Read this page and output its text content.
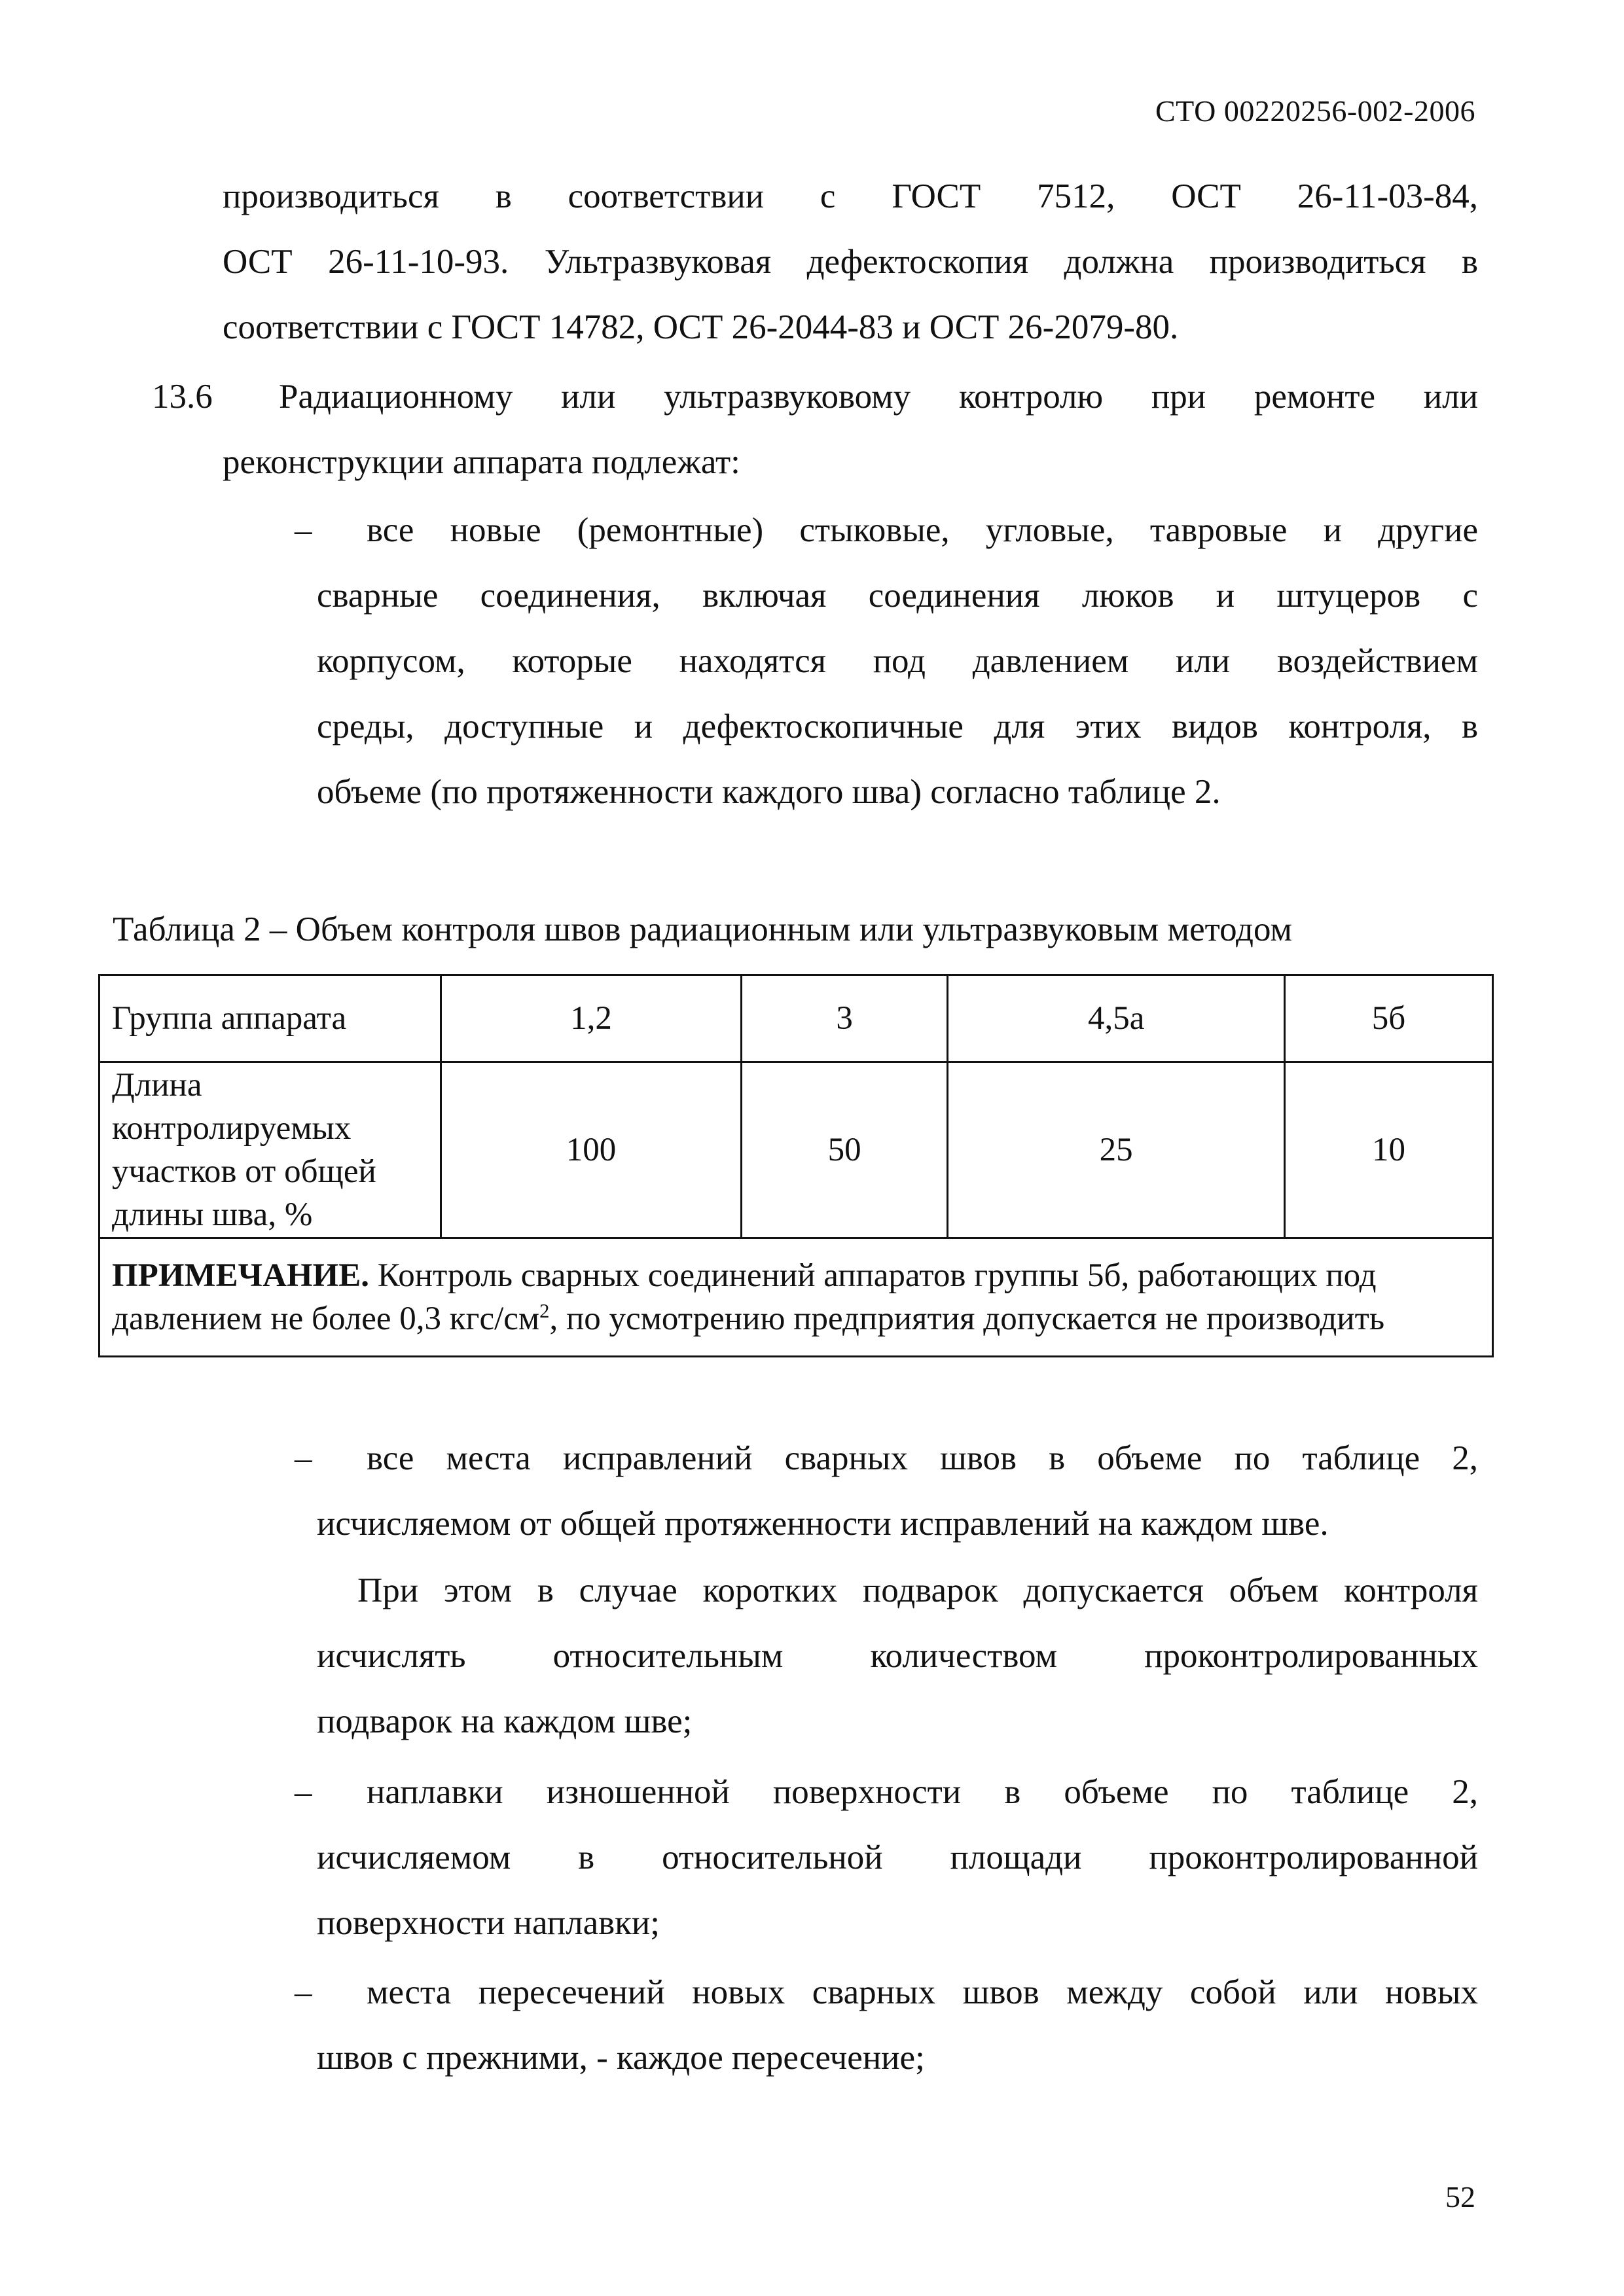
СТО 00220256-002-2006
производиться в соответствии с ГОСТ 7512, ОСТ 26-11-03-84,
ОСТ 26-11-10-93. Ультразвуковая дефектоскопия должна производиться в
соответствии с ГОСТ 14782, ОСТ 26-2044-83 и ОСТ 26-2079-80.
13.6	Радиационному или ультразвуковому контролю при ремонте или
реконструкции аппарата подлежат:
–	все новые (ремонтные) стыковые, угловые, тавровые и другие
сварные соединения, включая соединения люков и штуцеров с
корпусом, которые находятся под давлением или воздействием
среды, доступные и дефектоскопичные для этих видов контроля, в
объеме (по протяженности каждого шва) согласно таблице 2.
Таблица 2 – Объем контроля швов радиационным или ультразвуковым методом
Группа аппарата	1,2	3	4,5а	5б

Длина
контролируемых
участков от общей
длины шва, %	100	50	25	10

ПРИМЕЧАНИЕ. Контроль сварных соединений аппаратов группы 5б, работающих под
давлением не более 0,3 кгс/$см^2$, по усмотрению предприятия допускается не производить				
–	все места исправлений сварных швов в объеме по таблице 2,
исчисляемом от общей протяженности исправлений на каждом шве.
При этом в случае коротких подварок допускается объем контроля
исчислять относительным количеством проконтролированных
подварок на каждом шве;
–	наплавки изношенной поверхности в объеме по таблице 2,
исчисляемом в относительной площади проконтролированной
поверхности наплавки;
–	места пересечений новых сварных швов между собой или новых
швов с прежними, - каждое пересечение;
52
